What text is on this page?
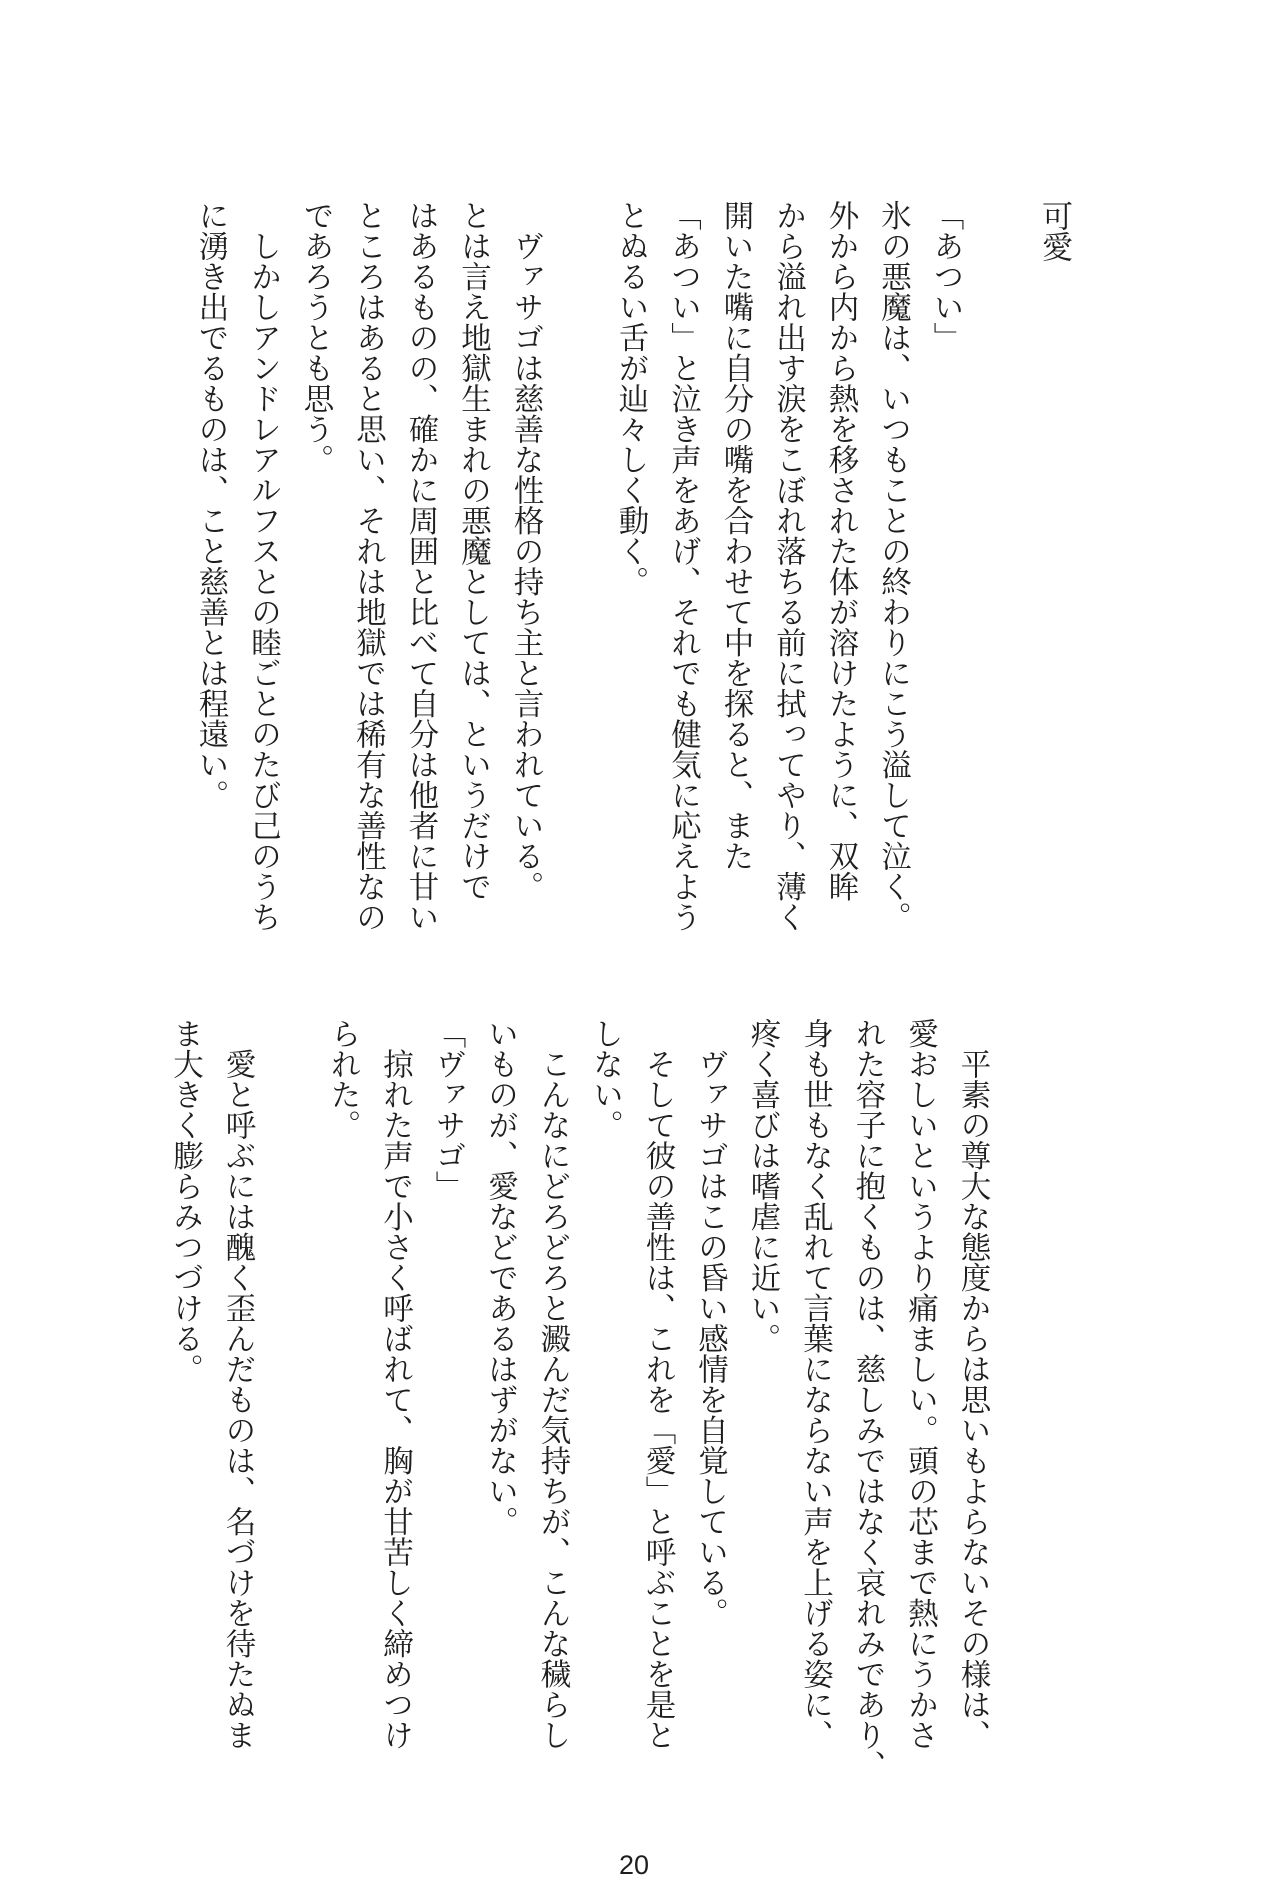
可愛
「あつい」
氷の悪魔は、いつもことの終わりにこう溢して泣く。
外から内から熱を移された体が溶けたように、双眸
から溢れ出す涙をこぼれ落ちる前に拭ってやり、薄く
開いた嘴に自分の嘴を合わせて中を探ると、また
「あつい」と泣き声をあげ、それでも健気に応えよう
とぬるい舌が辿々しく動く。
　ヴァサゴは慈善な性格の持ち主と言われている。
とは言え地獄生まれの悪魔としては、というだけで
はあるものの、確かに周囲と比べて自分は他者に甘い
ところはあると思い、それは地獄では稀有な善性なの
であろうとも思う。
　しかしアンドレアルフスとの睦ごとのたび己のうち
に湧き出でるものは、こと慈善とは程遠い。
　平素の尊大な態度からは思いもよらないその様は、
愛おしいというより痛ましい。頭の芯まで熱にうかさ
れた容子に抱くものは、慈しみではなく哀れみであり、
身も世もなく乱れて言葉にならない声を上げる姿に、
疼く喜びは嗜虐に近い。
　ヴァサゴはこの昏い感情を自覚している。
　そして彼の善性は、これを「愛」と呼ぶことを是と
しない。
　こんなにどろどろと澱んだ気持ちが、こんな穢らし
いものが、愛などであるはずがない。
「ヴァサゴ」
　掠れた声で小さく呼ばれて、胸が甘苦しく締めつけ
られた。
　愛と呼ぶには醜く歪んだものは、名づけを待たぬま
ま大きく膨らみつづける。
20
